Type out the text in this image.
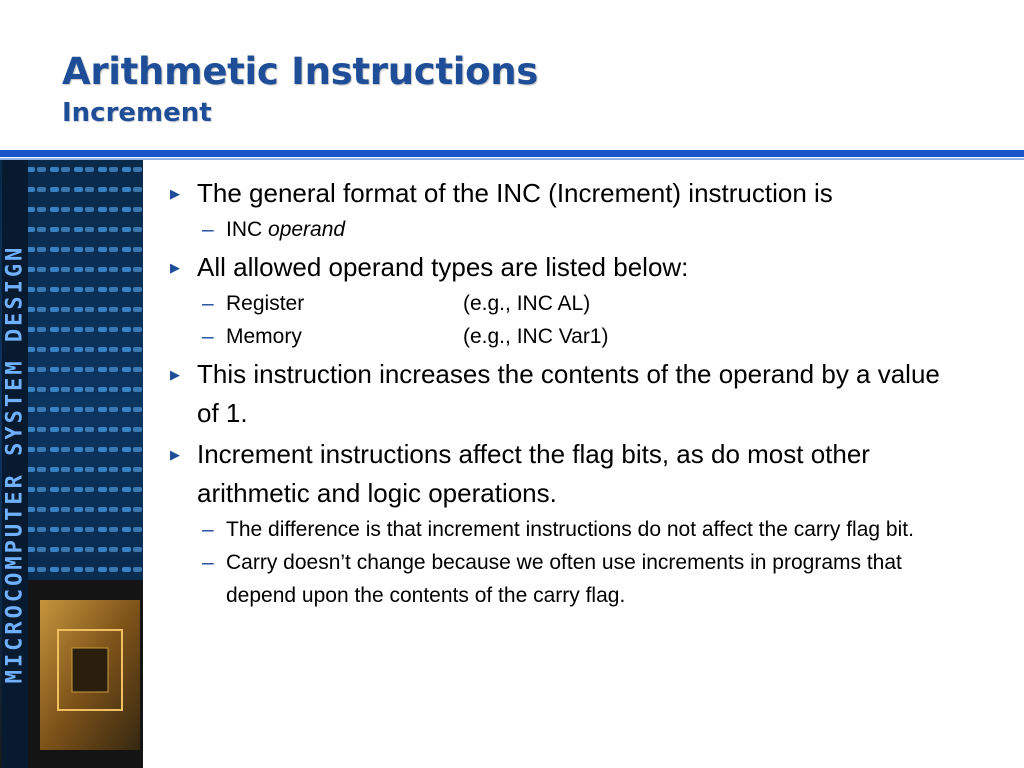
Arithmetic Instructions
Increment
MICROCOMPUTER SYSTEM DESIGN
▶ The general format of the INC (Increment) instruction is
– INC operand
▶ All allowed operand types are listed below:
– Register	(e.g., INC AL)
– Memory	(e.g., INC Var1)
▶ This instruction increases the contents of the operand by a value of 1.
▶ Increment instructions affect the flag bits, as do most other arithmetic and logic operations.
– The difference is that increment instructions do not affect the carry flag bit.
– Carry doesn’t change because we often use increments in programs that depend upon the contents of the carry flag.
